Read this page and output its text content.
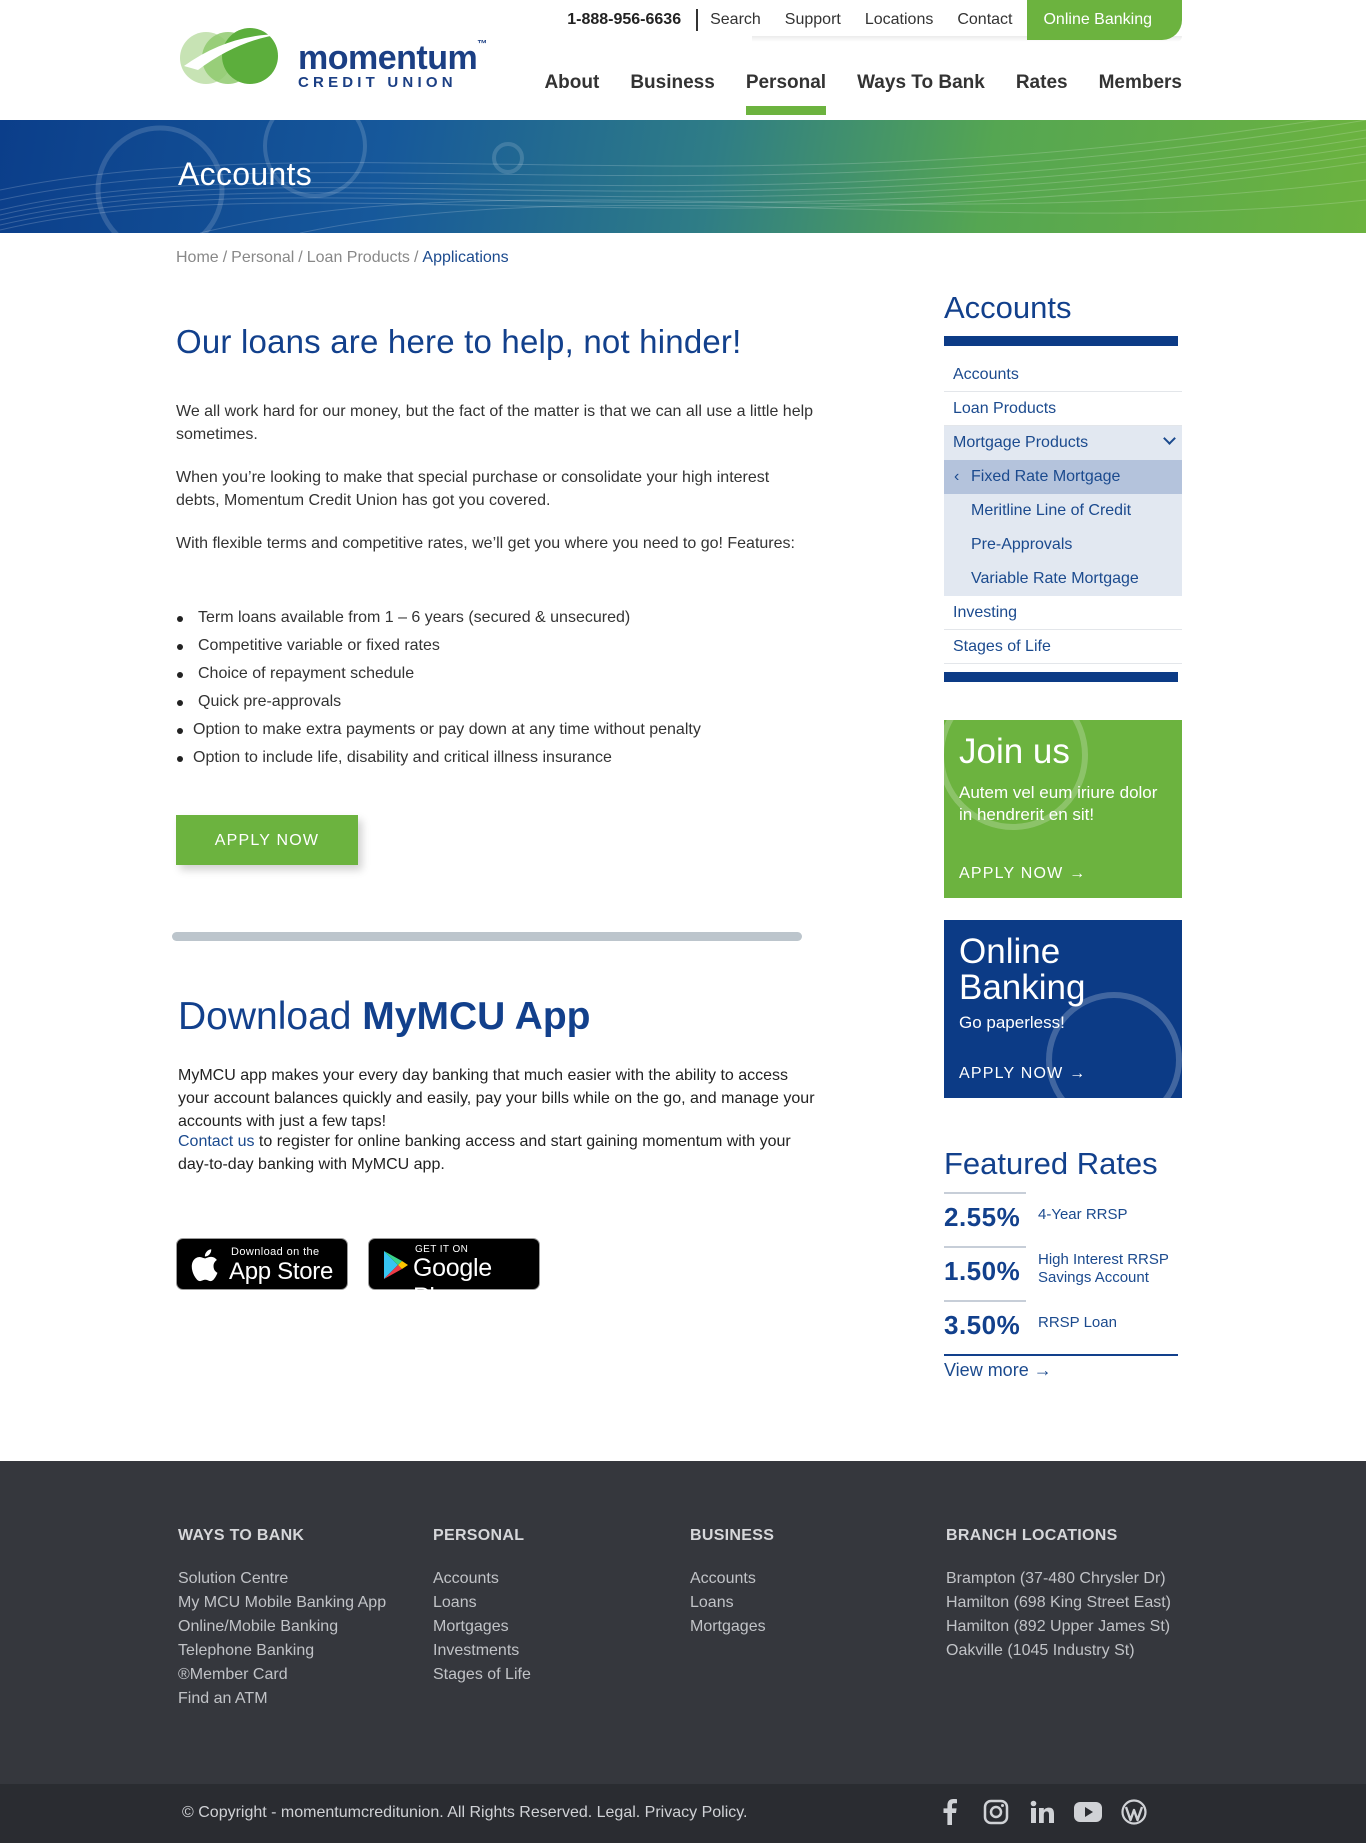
momentum™
CREDIT UNION
1-888-956-6636	Search	Support	Locations	Contact	Online Banking
About Business Personal Ways To Bank Rates Members
Accounts
Home / Personal / Loan Products / Applications
Our loans are here to help, not hinder!

We all work hard for our money, but the fact of the matter is that we can all use a little help sometimes.

When you’re looking to make that special purchase or consolidate your high interest debts, Momentum Credit Union has got you covered.

With flexible terms and competitive rates, we’ll get you where you need to go! Features:

Term loans available from 1 – 6 years (secured & unsecured)
Competitive variable or fixed rates
Choice of repayment schedule
Quick pre-approvals
Option to make extra payments or pay down at any time without penalty
Option to include life, disability and critical illness insurance
APPLY NOW
Download MyMCU App

MyMCU app makes your every day banking that much easier with the ability to access your account balances quickly and easily, pay your bills while on the go, and manage your accounts with just a few taps!

Contact us to register for online banking access and start gaining momentum with your day-to-day banking with MyMCU app.

Download on the
App Store
GET IT ON
Google Play
Accounts
Accounts
Loan Products
Mortgage Products
‹ Fixed Rate Mortgage
Meritline Line of Credit
Pre-Approvals
Variable Rate Mortgage
Investing
Stages of Life
Join us

Autem vel eum iriure dolor in hendrerit en sit!

APPLY NOW →
Online Banking

Go paperless!

APPLY NOW →
Featured Rates
2.55% 4-Year RRSP
1.50% High Interest RRSP Savings Account
3.50% RRSP Loan
View more →
WAYS TO BANK
Solution Centre
My MCU Mobile Banking App
Online/Mobile Banking
Telephone Banking
®Member Card
Find an ATM
PERSONAL
Accounts
Loans
Mortgages
Investments
Stages of Life
BUSINESS
Accounts
Loans
Mortgages
BRANCH LOCATIONS
Brampton (37-480 Chrysler Dr)
Hamilton (698 King Street East)
Hamilton (892 Upper James St)
Oakville (1045 Industry St)

© Copyright - momentumcreditunion. All Rights Reserved. Legal. Privacy Policy.
